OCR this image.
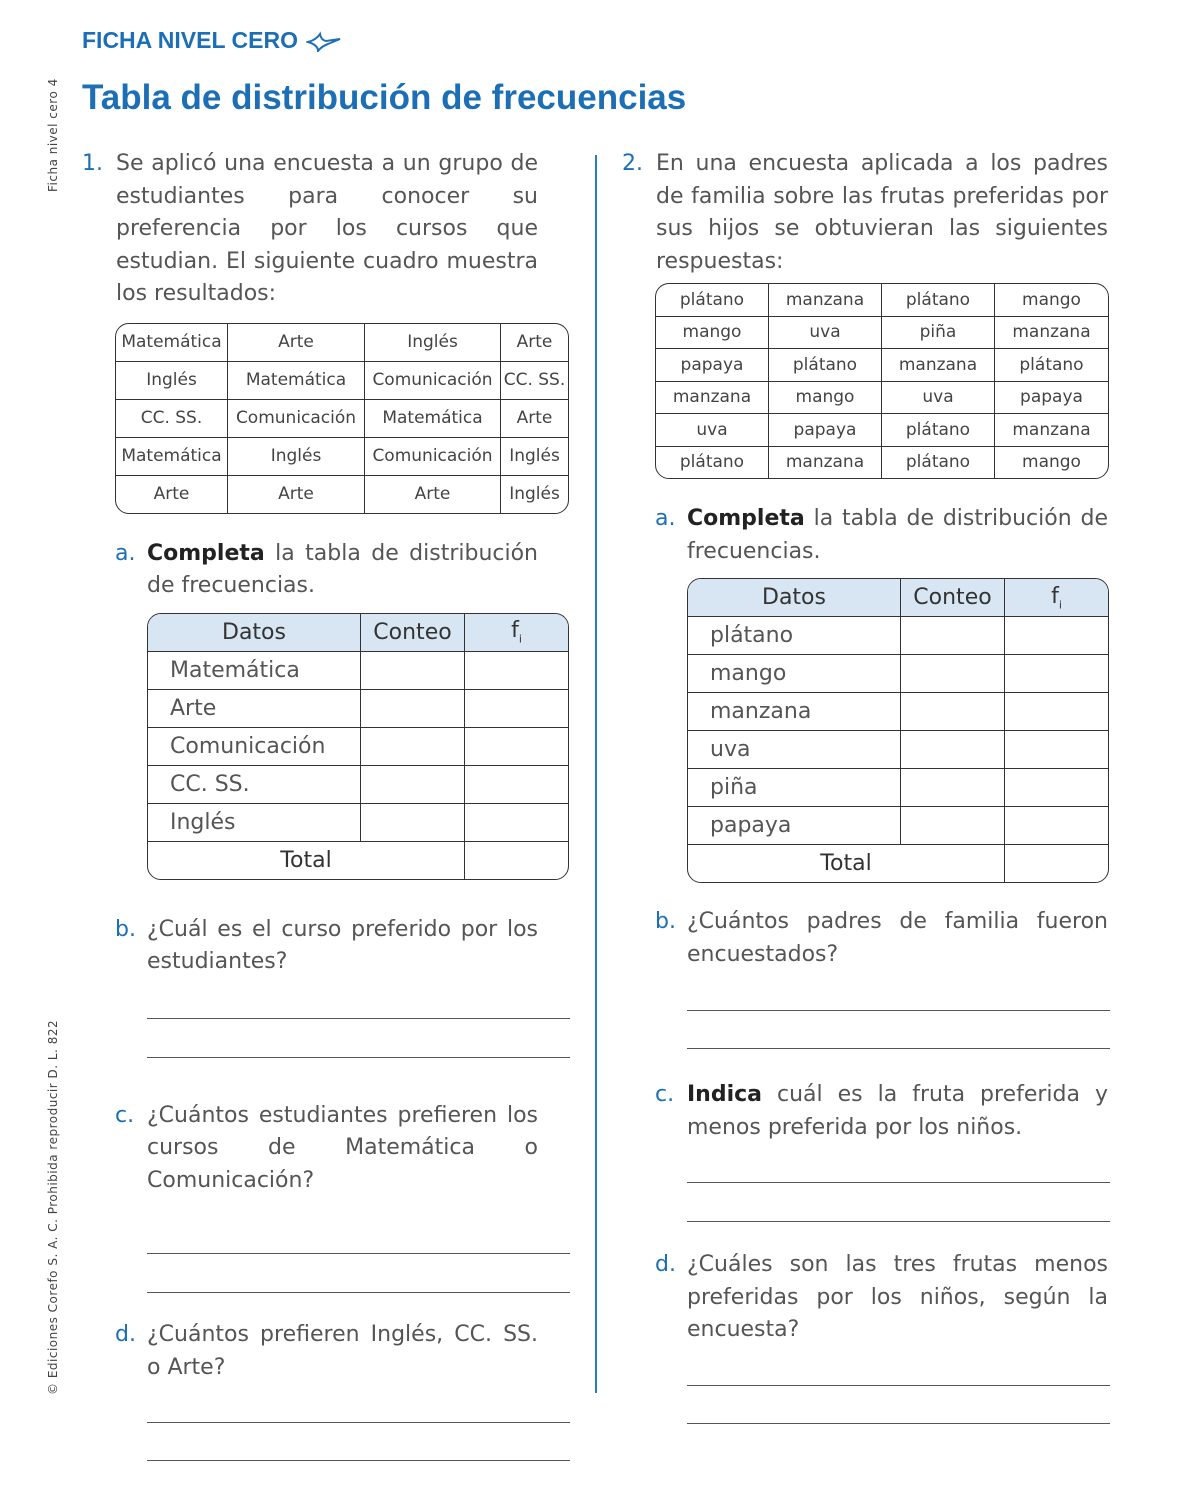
Ficha nivel cero 4
© Ediciones Corefo S. A. C. Prohibida reproducir D. L. 822
FICHA NIVEL CERO
Tabla de distribución de frecuencias
1. Se aplicó una encuesta a un grupo de estudiantes para conocer su preferencia por los cursos que estudian. El siguiente cuadro muestra los resultados:
Matemática	Arte	Inglés	Arte
Inglés	Matemática	Comunicación	CC. SS.
CC. SS.	Comunicación	Matemática	Arte
Matemática	Inglés	Comunicación	Inglés
Arte	Arte	Arte	Inglés
a. Completa la tabla de distribución de frecuencias.
Datos	Conteo	$f_i$
Matemática		
Arte		
Comunicación		
CC. SS.		
Inglés		
Total		
b. ¿Cuál es el curso preferido por los estudiantes?
c. ¿Cuántos estudiantes prefieren los cursos de Matemática o Comunicación?
d. ¿Cuántos prefieren Inglés, CC. SS. o Arte?
2. En una encuesta aplicada a los padres de familia sobre las frutas preferidas por sus hijos se obtuvieran las siguientes respuestas:
plátano	manzana	plátano	mango
mango	uva	piña	manzana
papaya	plátano	manzana	plátano
manzana	mango	uva	papaya
uva	papaya	plátano	manzana
plátano	manzana	plátano	mango
a. Completa la tabla de distribución de frecuencias.
Datos	Conteo	$f_i$
plátano		
mango		
manzana		
uva		
piña		
papaya		
Total		
b. ¿Cuántos padres de familia fueron encuestados?
c. Indica cuál es la fruta preferida y menos preferida por los niños.
d. ¿Cuáles son las tres frutas menos preferidas por los niños, según la encuesta?
